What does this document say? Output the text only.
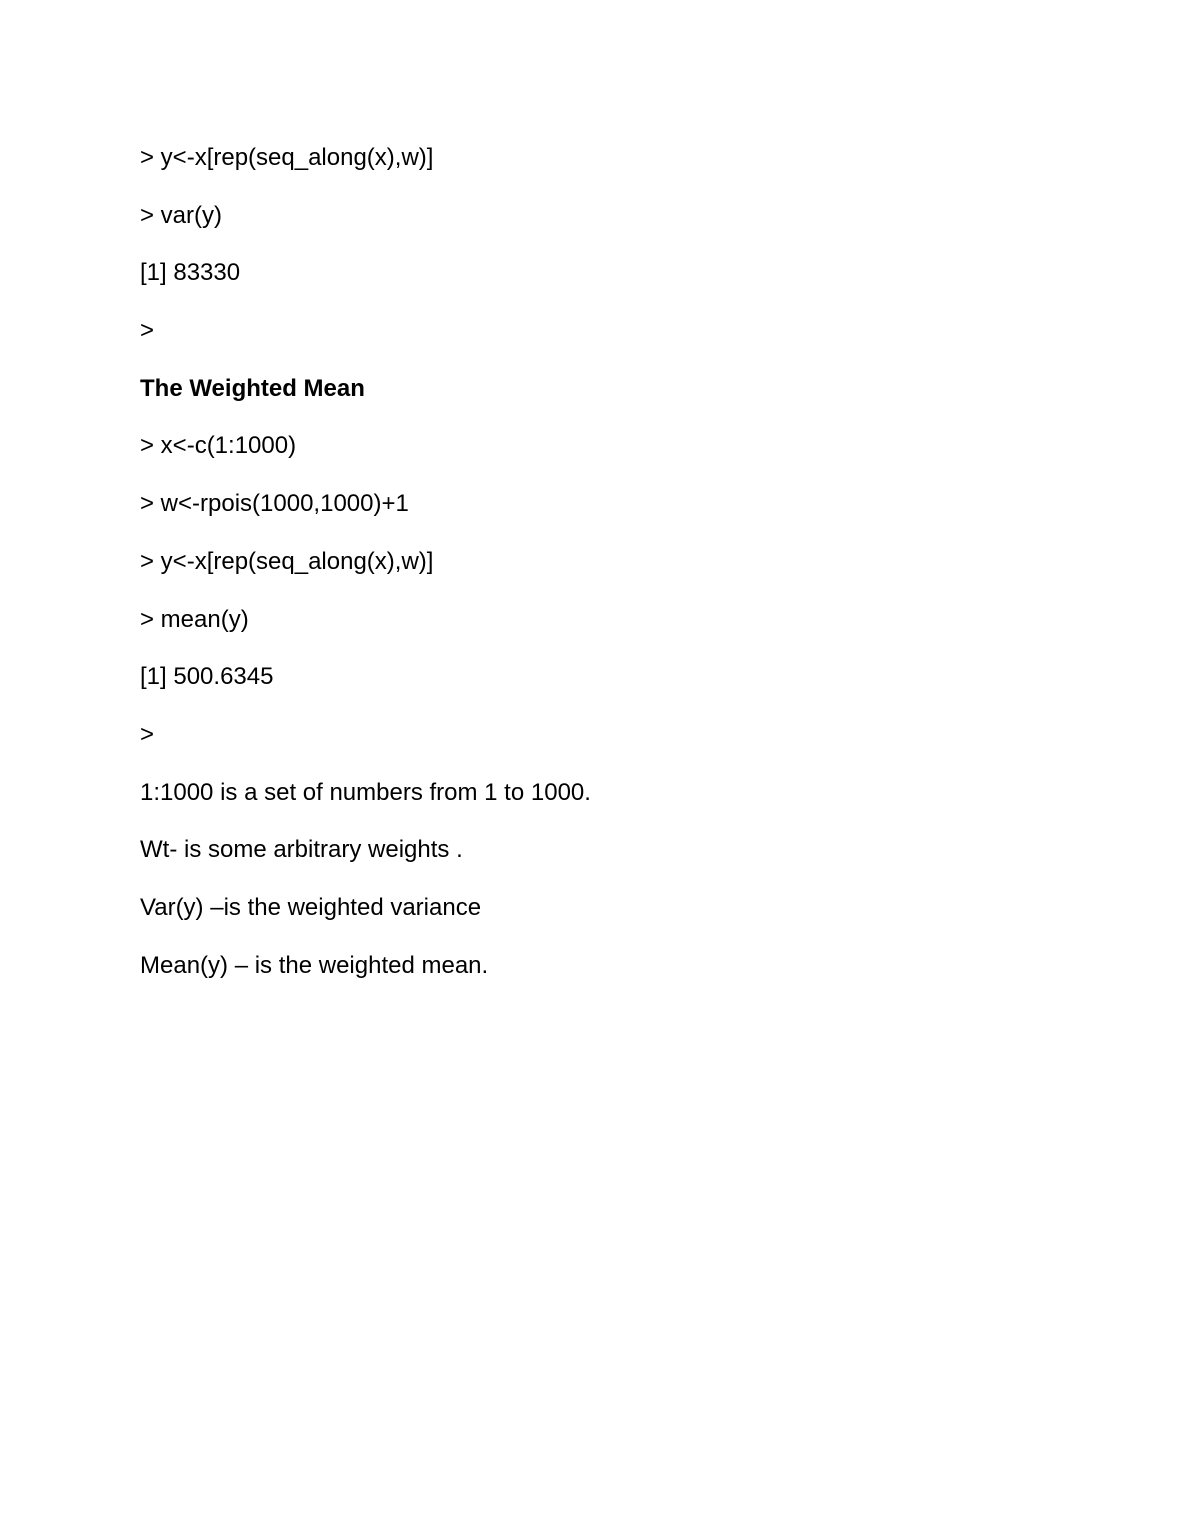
> y<-x[rep(seq_along(x),w)]
> var(y)
[1] 83330
>
The Weighted Mean
> x<-c(1:1000)
> w<-rpois(1000,1000)+1
> y<-x[rep(seq_along(x),w)]
> mean(y)
[1] 500.6345
>
1:1000 is a set of numbers from 1 to 1000.
Wt- is some arbitrary weights .
Var(y) –is the weighted variance
Mean(y) – is the weighted mean.
